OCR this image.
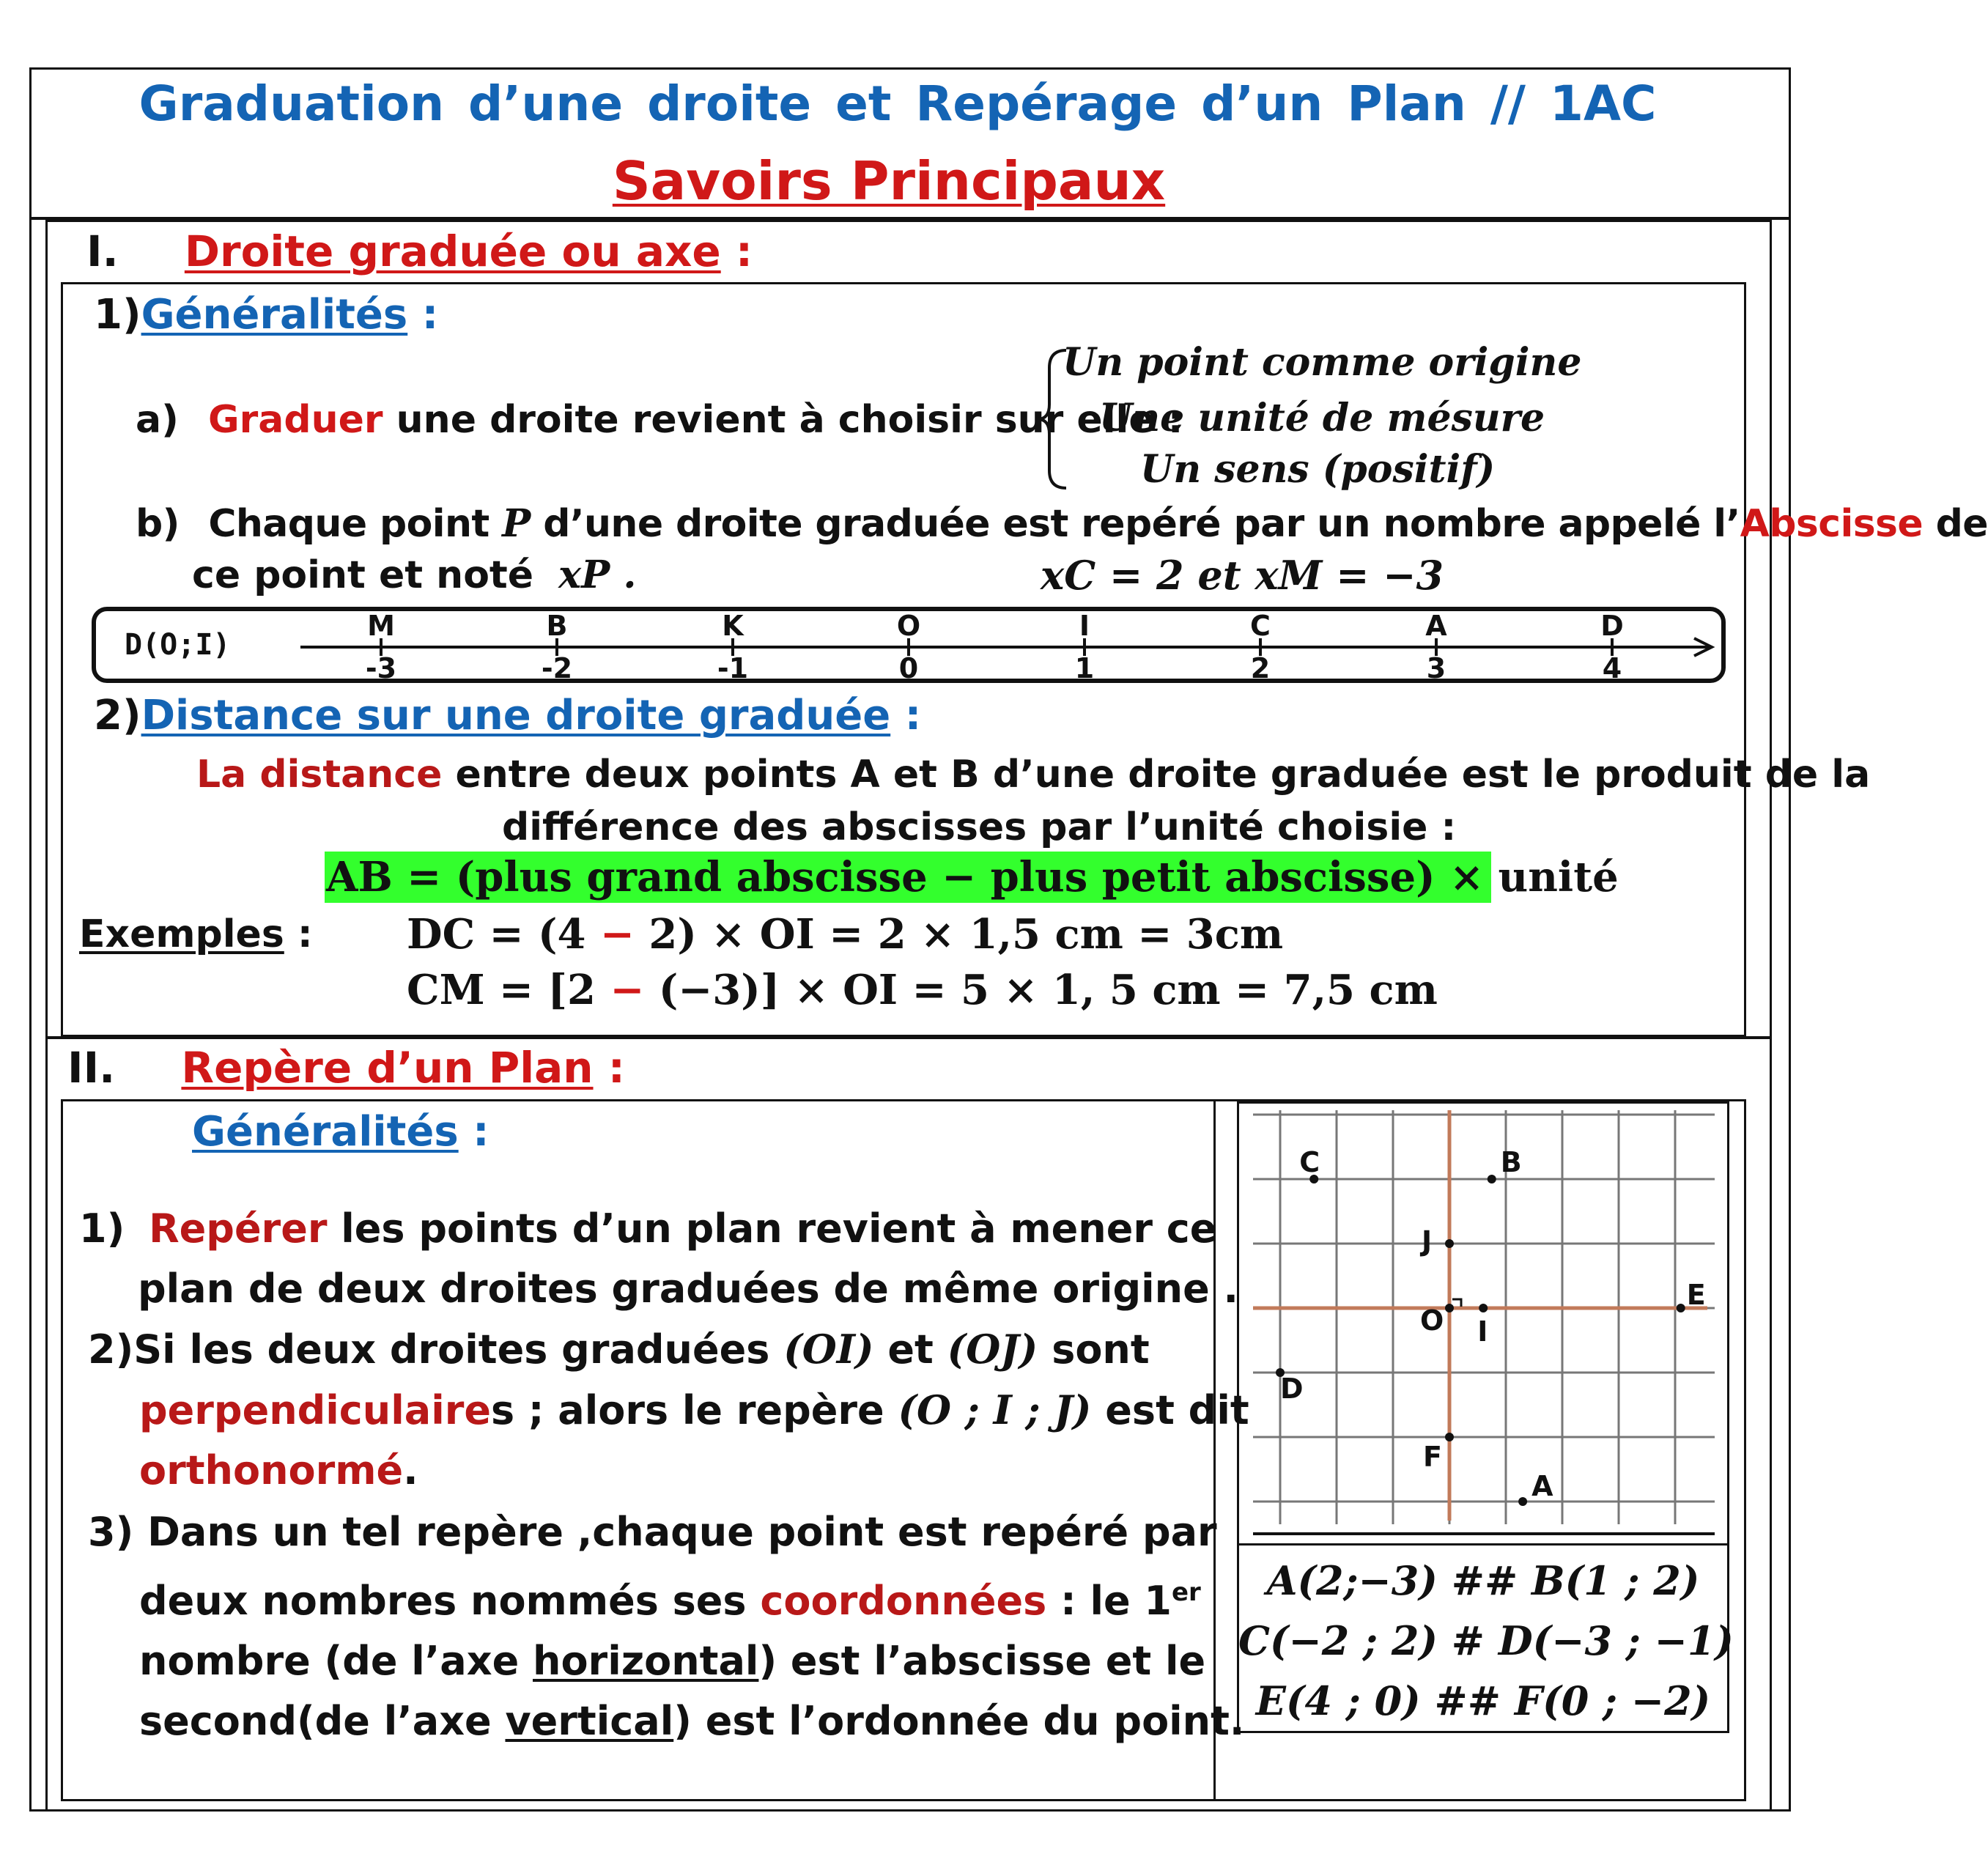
Graduation d’une droite et Repérage d’un Plan // 1AC
Savoirs Principaux
I. Droite graduée ou axe :
1)Généralités :
a) Graduer une droite revient à choisir sur elle :
Un point comme origine
Une unité de mésure
Un sens (positif)
b) Chaque point P d’une droite graduée est repéré par un nombre appelé l’Abscisse de
ce point et noté xP .	xC = 2 et xM = −3
M
-3
B
-2
K
-1
O
0
I
1
C
2
A
3
D
4
D(O;I)
2)Distance sur une droite graduée :
La distance entre deux points A et B d’une droite graduée est le produit de la
différence des abscisses par l’unité choisie :
AB = (plus grand abscisse − plus petit abscisse) × unité
Exemples : DC = (4 − 2) × OI = 2 × 1,5 cm = 3cm
CM = [2 − (−3)] × OI = 5 × 1, 5 cm = 7,5 cm
II. Repère d’un Plan :
Généralités :
1) Repérer les points d’un plan revient à mener ce
plan de deux droites graduées de même origine .
2)Si les deux droites graduées (OI) et (OJ) sont
perpendiculaires ; alors le repère (O ; I ; J) est dit
orthonormé.
3) Dans un tel repère ,chaque point est repéré par
deux nombres nommés ses coordonnées : le 1er
nombre (de l’axe horizontal) est l’abscisse et le
second(de l’axe vertical) est l’ordonnée du point.
C	B
J
O I
E
D
F
A
A(2;−3) ## B(1 ; 2)
C(−2 ; 2) # D(−3 ; −1)
E(4 ; 0) ## F(0 ; −2)
